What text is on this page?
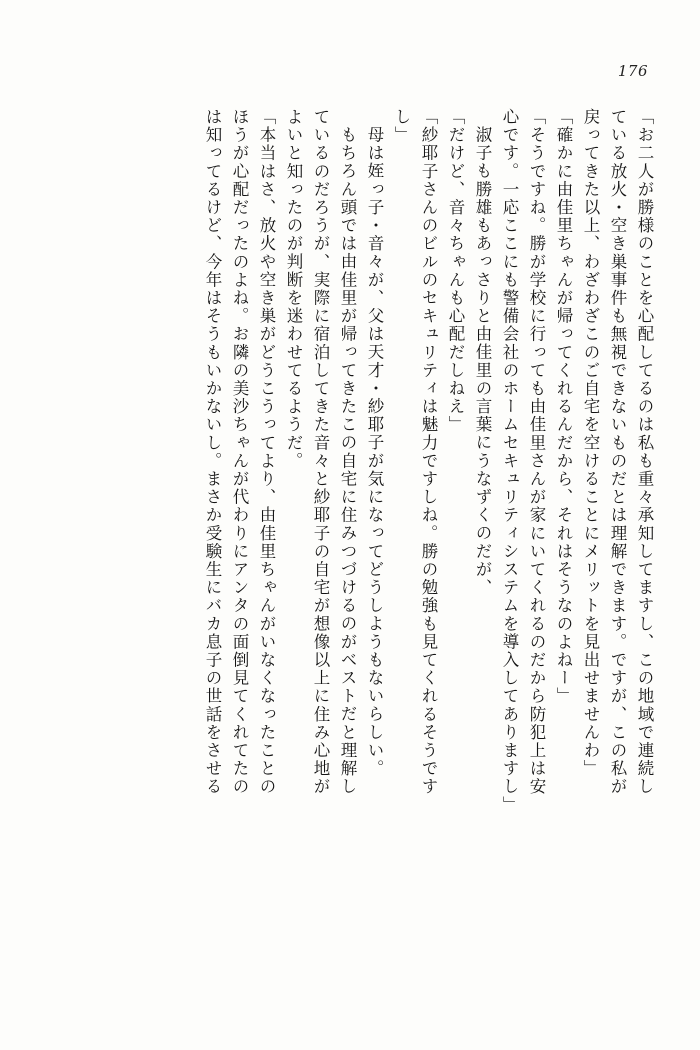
176
「お二人が勝様のことを心配してるのは私も重々承知してますし、この地域で連続し
ている放火・空き巣事件も無視できないものだとは理解できます。ですが、この私が
戻ってきた以上、わざわざこのご自宅を空けることにメリットを見出せませんわ」
「確かに由佳里ちゃんが帰ってくれるんだから、それはそうなのよねー」
「そうですね。勝が学校に行っても由佳里さんが家にいてくれるのだから防犯上は安
心です。一応ここにも警備会社のホームセキュリティシステムを導入してありますし」
淑子も勝雄もあっさりと由佳里の言葉にうなずくのだが、
「だけど、音々ちゃんも心配だしねえ」
「紗耶子さんのビルのセキュリティは魅力ですしね。勝の勉強も見てくれるそうです
し」
母は姪っ子・音々が、父は天才・紗耶子が気になってどうしようもないらしい。
もちろん頭では由佳里が帰ってきたこの自宅に住みつづけるのがベストだと理解し
ているのだろうが、実際に宿泊してきた音々と紗耶子の自宅が想像以上に住み心地が
よいと知ったのが判断を迷わせてるようだ。
「本当はさ、放火や空き巣がどうこうってより、由佳里ちゃんがいなくなったことの
ほうが心配だったのよね。お隣の美沙ちゃんが代わりにアンタの面倒見てくれてたの
は知ってるけど、今年はそうもいかないし。まさか受験生にバカ息子の世話をさせる
